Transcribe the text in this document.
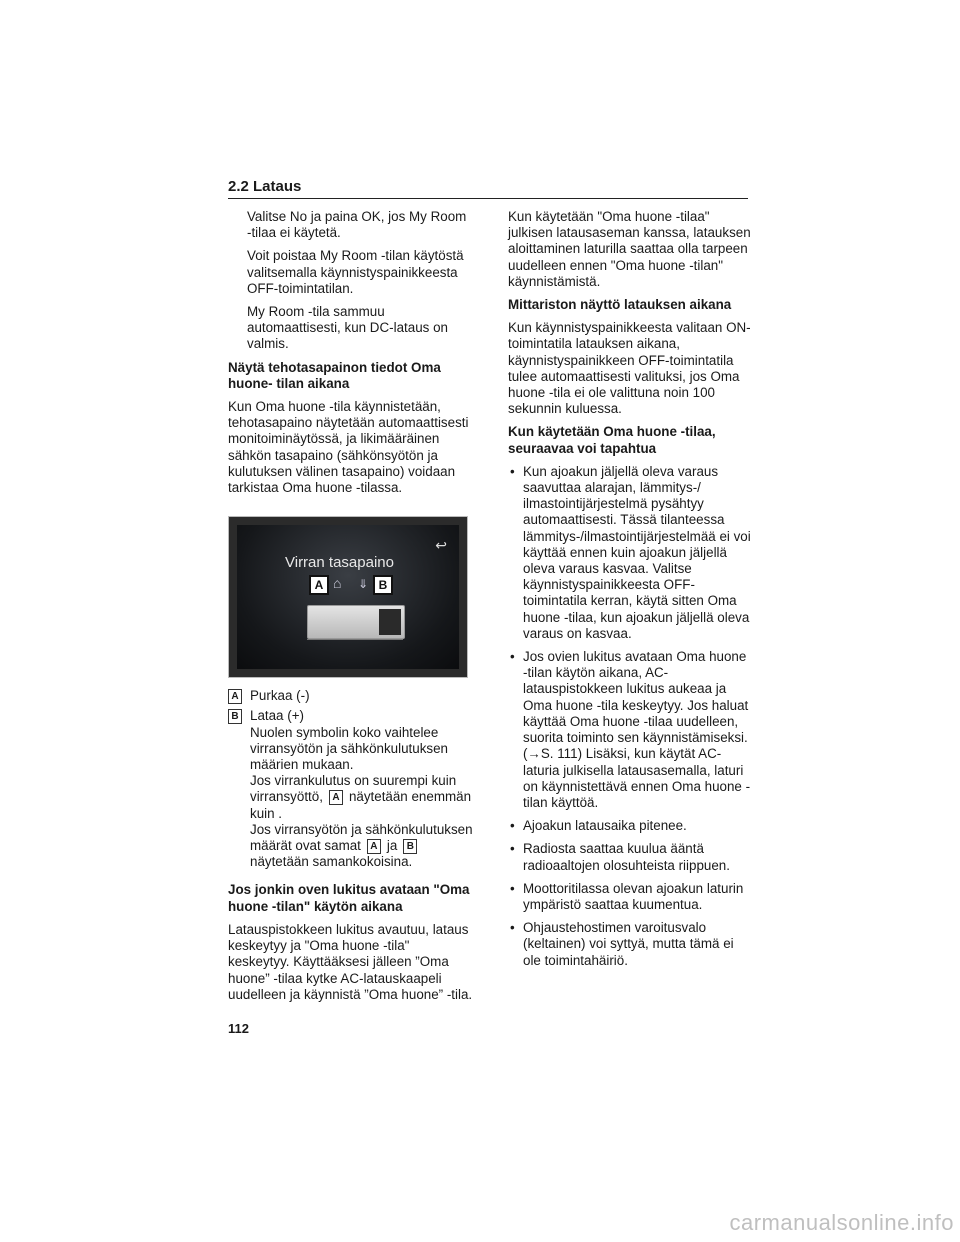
2.2 Lataus

Valitse No ja paina OK, jos My Room -tilaa ei käytetä.

Voit poistaa My Room -tilan käytöstä valitsemalla käynnistyspainikkeesta OFF-toimintatilan.

My Room -tila sammuu automaattisesti, kun DC-lataus on valmis.

Näytä tehotasapainon tiedot Oma huone- tilan aikana

Kun Oma huone -tila käynnistetään, tehotasapaino näytetään automaattisesti monitoiminäytössä, ja likimääräinen sähkön tasapaino (sähkönsyötön ja kulutuksen välinen tasapaino) voidaan tarkistaa Oma huone -tilassa.

↩
Virran tasapaino
A ⌂ ⇓ B
A Purkaa (-)
B Lataa (+)
Nuolen symbolin koko vaihtelee virransyötön ja sähkönkulutuksen määrien mukaan.
Jos virrankulutus on suurempi kuin virransyöttö, A näytetään enemmän kuin .
Jos virransyötön ja sähkönkulutuksen määrät ovat samat A ja Bnäytetään samankokoisina.

Jos jonkin oven lukitus avataan "Oma huone -tilan" käytön aikana

Latauspistokkeen lukitus avautuu, lataus keskeytyy ja "Oma huone -tila" keskeytyy. Käyttääksesi jälleen ”Oma huone” -tilaa kytke AC-latauskaapeli uudelleen ja käynnistä ”Oma huone” -tila.

Kun käytetään "Oma huone -tilaa" julkisen latausaseman kanssa, latauksen aloittaminen laturilla saattaa olla tarpeen uudelleen ennen "Oma huone -tilan" käynnistämistä.

Mittariston näyttö latauksen aikana

Kun käynnistyspainikkeesta valitaan ON-toimintatila latauksen aikana, käynnistyspainikkeen OFF-toimintatila tulee automaattisesti valituksi, jos Oma huone -tila ei ole valittuna noin 100 sekunnin kuluessa.

Kun käytetään Oma huone -tilaa, seuraavaa voi tapahtua

• Kun ajoakun jäljellä oleva varaus saavuttaa alarajan, lämmitys-/ ilmastointijärjestelmä pysähtyy automaattisesti. Tässä tilanteessa lämmitys-/ilmastointijärjestelmää ei voi käyttää ennen kuin ajoakun jäljellä oleva varaus kasvaa. Valitse käynnistyspainikkeesta OFF-toimintatila kerran, käytä sitten Oma huone -tilaa, kun ajoakun jäljellä oleva varaus on kasvaa.
• Jos ovien lukitus avataan Oma huone -tilan käytön aikana, AC-latauspistokkeen lukitus aukeaa ja Oma huone -tila keskeytyy. Jos haluat käyttää Oma huone -tilaa uudelleen, suorita toiminto sen käynnistämiseksi. (→S. 111) Lisäksi, kun käytät AC-laturia julkisella latausasemalla, laturi on käynnistettävä ennen Oma huone -tilan käyttöä.
• Ajoakun latausaika pitenee.
• Radiosta saattaa kuulua ääntä radioaaltojen olosuhteista riippuen.
• Moottoritilassa olevan ajoakun laturin ympäristö saattaa kuumentua.
• Ohjaustehostimen varoitusvalo (keltainen) voi syttyä, mutta tämä ei ole toimintahäiriö.
112
carmanualsonline.info
